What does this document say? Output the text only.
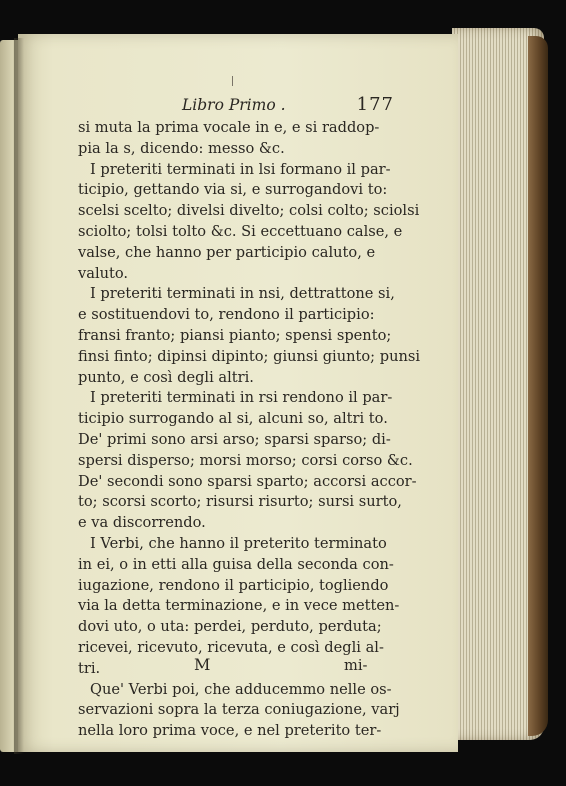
Libro Primo .	177
si muta la prima vocale in e, e si raddop-
pia la s, dicendo: messo &c.
I preteriti terminati in lsi formano il par-
ticipio, gettando via si, e surrogandovi to:
scelsi scelto; divelsi divelto; colsi colto; sciolsi
sciolto; tolsi tolto &c. Si eccettuano calse, e
valse, che hanno per participio caluto, e
valuto.
I preteriti terminati in nsi, dettrattone si,
e sostituendovi to, rendono il participio:
fransi franto; piansi pianto; spensi spento;
finsi finto; dipinsi dipinto; giunsi giunto; punsi
punto, e così degli altri.
I preteriti terminati in rsi rendono il par-
ticipio surrogando al si, alcuni so, altri to.
De' primi sono arsi arso; sparsi sparso; di-
spersi disperso; morsi morso; corsi corso &c.
De' secondi sono sparsi sparto; accorsi accor-
to; scorsi scorto; risursi risurto; sursi surto,
e va discorrendo.
I Verbi, che hanno il preterito terminato
in ei, o in etti alla guisa della seconda con-
iugazione, rendono il participio, togliendo
via la detta terminazione, e in vece metten-
dovi uto, o uta: perdei, perduto, perduta;
ricevei, ricevuto, ricevuta, e così degli al-
tri.
Que' Verbi poi, che adducemmo nelle os-
servazioni sopra la terza coniugazione, varj
nella loro prima voce, e nel preterito ter-
M	mi-
